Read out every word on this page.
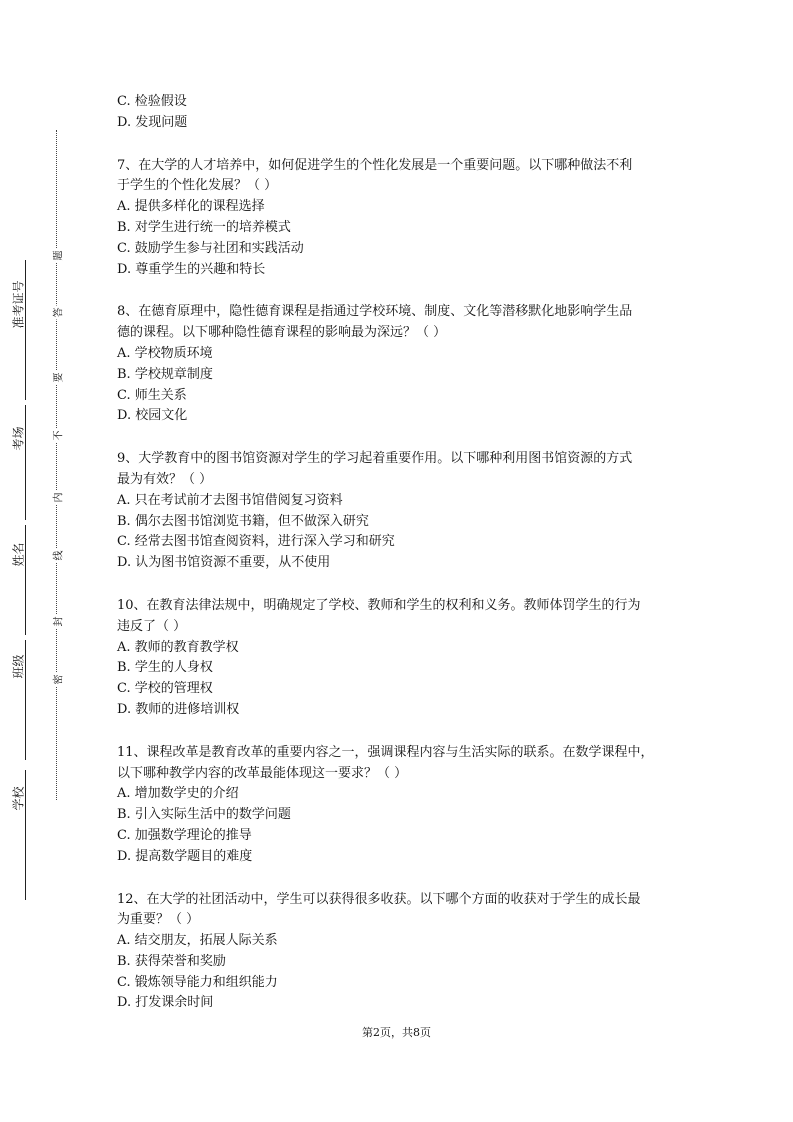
准考证号
考场
姓名
班级
学校
题
答
要
不
内
线
封
密

C. 检验假设

D. 发现问题

7、在大学的人才培养中，如何促进学生的个性化发展是一个重要问题。以下哪种做法不利

于学生的个性化发展？（ ）

A. 提供多样化的课程选择

B. 对学生进行统一的培养模式

C. 鼓励学生参与社团和实践活动

D. 尊重学生的兴趣和特长

8、在德育原理中，隐性德育课程是指通过学校环境、制度、文化等潜移默化地影响学生品

德的课程。以下哪种隐性德育课程的影响最为深远？（ ）

A. 学校物质环境

B. 学校规章制度

C. 师生关系

D. 校园文化

9、大学教育中的图书馆资源对学生的学习起着重要作用。以下哪种利用图书馆资源的方式

最为有效？（ ）

A. 只在考试前才去图书馆借阅复习资料

B. 偶尔去图书馆浏览书籍，但不做深入研究

C. 经常去图书馆查阅资料，进行深入学习和研究

D. 认为图书馆资源不重要，从不使用

10、在教育法律法规中，明确规定了学校、教师和学生的权利和义务。教师体罚学生的行为

违反了（ ）

A. 教师的教育教学权

B. 学生的人身权

C. 学校的管理权

D. 教师的进修培训权

11、课程改革是教育改革的重要内容之一，强调课程内容与生活实际的联系。在数学课程中，

以下哪种教学内容的改革最能体现这一要求？（ ）

A. 增加数学史的介绍

B. 引入实际生活中的数学问题

C. 加强数学理论的推导

D. 提高数学题目的难度

12、在大学的社团活动中，学生可以获得很多收获。以下哪个方面的收获对于学生的成长最

为重要？（ ）

A. 结交朋友，拓展人际关系

B. 获得荣誉和奖励

C. 锻炼领导能力和组织能力

D. 打发课余时间

第2页，共8页
